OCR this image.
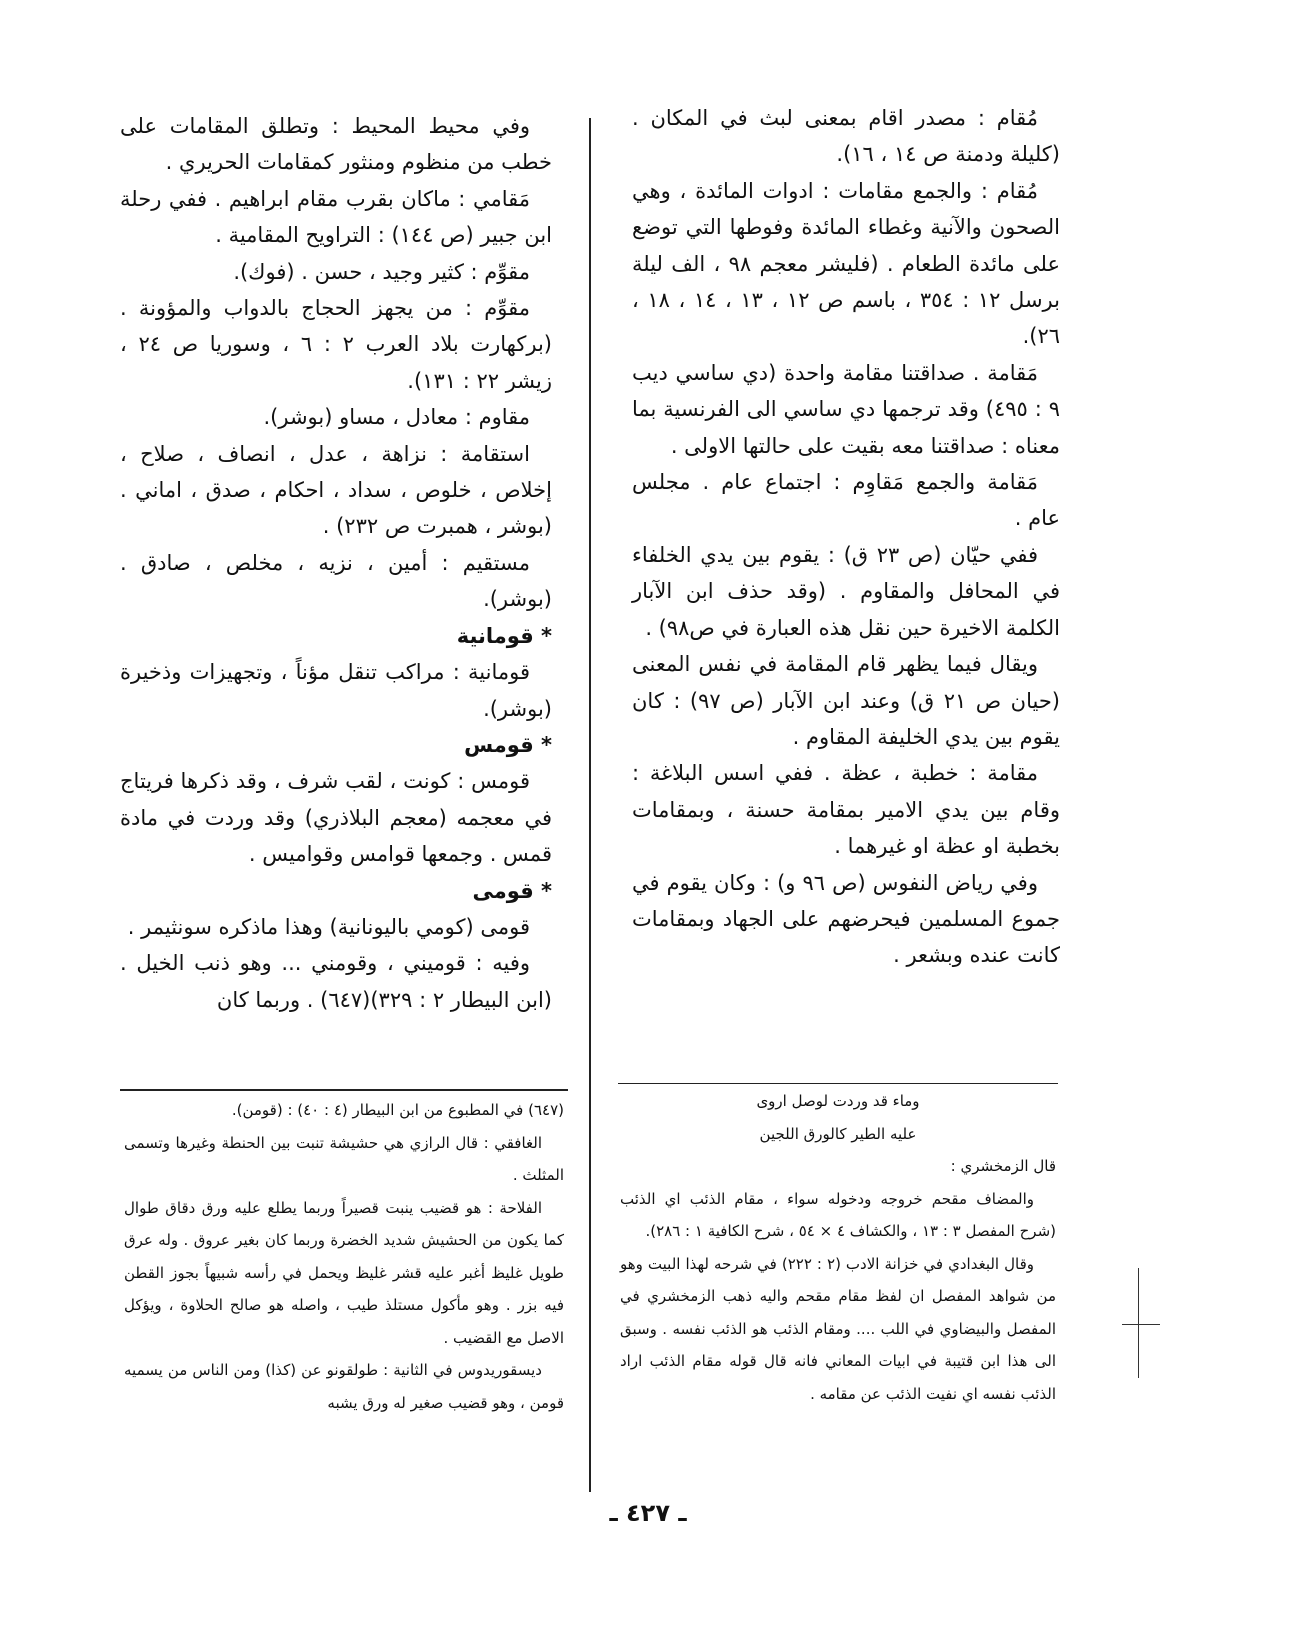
مُقام : مصدر اقام بمعنى لبث في المكان . (كليلة ودمنة ص ١٤ ، ١٦).

مُقام : والجمع مقامات : ادوات المائدة ، وهي الصحون والآنية وغطاء المائدة وفوطها التي توضع على مائدة الطعام . (فليشر معجم ٩٨ ، الف ليلة برسل ١٢ : ٣٥٤ ، باسم ص ١٢ ، ١٣ ، ١٤ ، ١٨ ، ٢٦).

مَقامة . صداقتنا مقامة واحدة (دي ساسي ديب ٩ : ٤٩٥) وقد ترجمها دي ساسي الى الفرنسية بما معناه : صداقتنا معه بقيت على حالتها الاولى .

مَقامة والجمع مَقاوِم : اجتماع عام . مجلس عام .

ففي حيّان (ص ٢٣ ق) : يقوم بين يدي الخلفاء في المحافل والمقاوم . (وقد حذف ابن الآبار الكلمة الاخيرة حين نقل هذه العبارة في ص٩٨) .

ويقال فيما يظهر قام المقامة في نفس المعنى (حيان ص ٢١ ق) وعند ابن الآبار (ص ٩٧) : كان يقوم بين يدي الخليفة المقاوم .

مقامة : خطبة ، عظة . ففي اسس البلاغة : وقام بين يدي الامير بمقامة حسنة ، وبمقامات بخطبة او عظة او غيرهما .

وفي رياض النفوس (ص ٩٦ و) : وكان يقوم في جموع المسلمين فيحرضهم على الجهاد وبمقامات كانت عنده وبشعر .

وفي محيط المحيط : وتطلق المقامات على خطب من منظوم ومنثور كمقامات الحريري .

مَقامي : ماكان بقرب مقام ابراهيم . ففي رحلة ابن جبير (ص ١٤٤) : التراويح المقامية .

مقوِّم : كثير وجيد ، حسن . (فوك).

مقوِّم : من يجهز الحجاج بالدواب والمؤونة . (بركهارت بلاد العرب ٢ : ٦ ، وسوريا ص ٢٤ ، زيشر ٢٢ : ١٣١).

مقاوم : معادل ، مساو (بوشر).

استقامة : نزاهة ، عدل ، انصاف ، صلاح ، إخلاص ، خلوص ، سداد ، احكام ، صدق ، اماني . (بوشر ، همبرت ص ٢٣٢) .

مستقيم : أمين ، نزيه ، مخلص ، صادق . (بوشر).

* قومانية

قومانية : مراكب تنقل مؤناً ، وتجهيزات وذخيرة (بوشر).

* قومس

قومس : كونت ، لقب شرف ، وقد ذكرها فريتاج في معجمه (معجم البلاذري) وقد وردت في مادة قمس . وجمعها قوامس وقواميس .

* قومى

قومى (كومي باليونانية) وهذا ماذكره سونثيمر .

وفيه : قوميني ، وقومني ... وهو ذنب الخيل . (ابن البيطار ٢ : ٣٢٩)(٦٤٧) . وربما كان

(٦٤٧) في المطبوع من ابن البيطار (٤ : ٤٠) : (قومن).

الغافقي : قال الرازي هي حشيشة تنبت بين الحنطة وغيرها وتسمى المثلث .

الفلاحة : هو قضيب ينبت قصيراً وربما يطلع عليه ورق دقاق طوال كما يكون من الحشيش شديد الخضرة وربما كان بغير عروق . وله عرق طويل غليظ أغبر عليه قشر غليظ ويحمل في رأسه شبيهاً بجوز القطن فيه بزر . وهو مأكول مستلذ طيب ، واصله هو صالح الحلاوة ، ويؤكل الاصل مع القضيب .

ديسقوريدوس في الثانية : طولقونو عن (كذا) ومن الناس من يسميه قومن ، وهو قضيب صغير له ورق يشبه

وماء قد وردت لوصل اروى

عليه الطير كالورق اللجين

قال الزمخشري :

والمضاف مقحم خروجه ودخوله سواء ، مقام الذئب اي الذئب (شرح المفصل ٣ : ١٣ ، والكشاف ٤ × ٥٤ ، شرح الكافية ١ : ٢٨٦).

وقال البغدادي في خزانة الادب (٢ : ٢٢٢) في شرحه لهذا البيت وهو من شواهد المفصل ان لفظ مقام مقحم واليه ذهب الزمخشري في المفصل والبيضاوي في اللب .... ومقام الذئب هو الذئب نفسه . وسبق الى هذا ابن قتيبة في ابيات المعاني فانه قال قوله مقام الذئب اراد الذئب نفسه اي نفيت الذئب عن مقامه .

ـ ٤٢٧ ـ
